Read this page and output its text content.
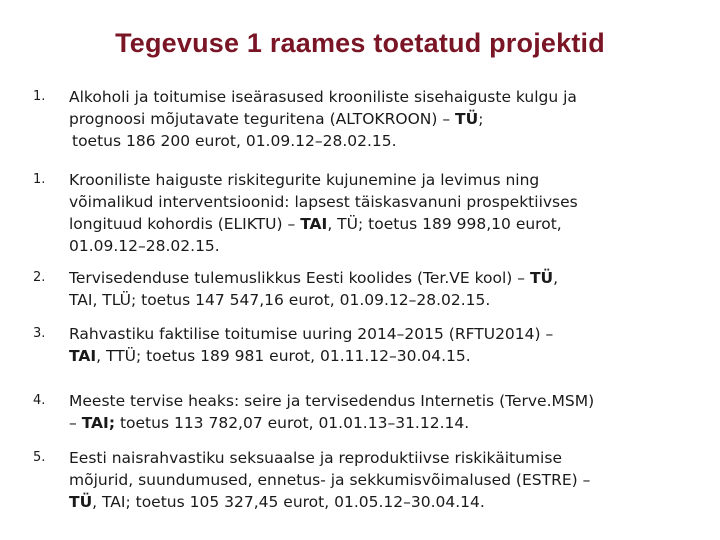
Tegevuse 1 raames toetatud projektid
1. Alkoholi ja toitumise iseärasused krooniliste sisehaiguste kulgu ja
prognoosi mõjutavate teguritena (ALTOKROON) – TÜ;
toetus 186 200 eurot, 01.09.12–28.02.15.
1. Krooniliste haiguste riskitegurite kujunemine ja levimus ning
võimalikud interventsioonid: lapsest täiskasvanuni prospektiivses
longituud kohordis (ELIKTU) – TAI, TÜ; toetus 189 998,10 eurot,
01.09.12–28.02.15.
2. Tervisedenduse tulemuslikkus Eesti koolides (Ter.VE kool) – TÜ,
TAI, TLÜ; toetus 147 547,16 eurot, 01.09.12–28.02.15.
3. Rahvastiku faktilise toitumise uuring 2014–2015 (RFTU2014) –
TAI, TTÜ; toetus 189 981 eurot, 01.11.12–30.04.15.
4. Meeste tervise heaks: seire ja tervisedendus Internetis (Terve.MSM)
– TAI; toetus 113 782,07 eurot, 01.01.13–31.12.14.
5. Eesti naisrahvastiku seksuaalse ja reproduktiivse riskikäitumise
mõjurid, suundumused, ennetus- ja sekkumisvõimalused (ESTRE) –
TÜ, TAI; toetus 105 327,45 eurot, 01.05.12–30.04.14.
